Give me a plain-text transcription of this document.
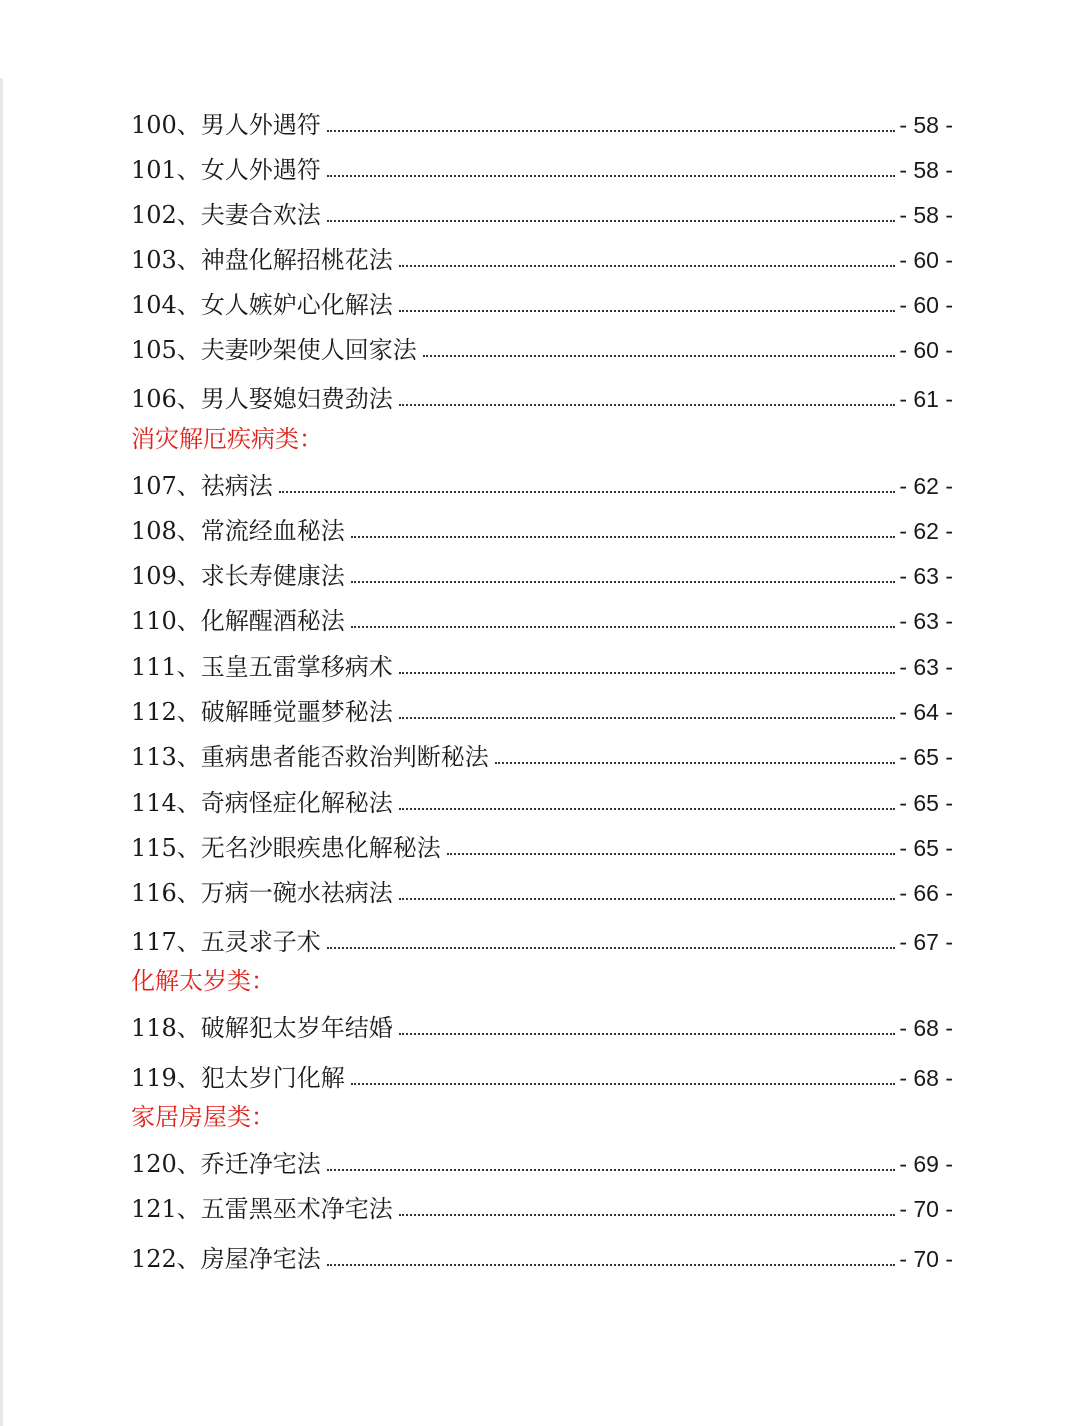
100、男人外遇符	- 58 -
101、女人外遇符	- 58 -
102、夫妻合欢法	- 58 -
103、神盘化解招桃花法	- 60 -
104、女人嫉妒心化解法	- 60 -
105、夫妻吵架使人回家法	- 60 -
106、男人娶媳妇费劲法	- 61 -
消灾解厄疾病类：
107、祛病法	- 62 -
108、常流经血秘法	- 62 -
109、求长寿健康法	- 63 -
110、化解醒酒秘法	- 63 -
111、玉皇五雷掌移病术	- 63 -
112、破解睡觉噩梦秘法	- 64 -
113、重病患者能否救治判断秘法	- 65 -
114、奇病怪症化解秘法	- 65 -
115、无名沙眼疾患化解秘法	- 65 -
116、万病一碗水祛病法	- 66 -
117、五灵求子术	- 67 -
化解太岁类：
118、破解犯太岁年结婚	- 68 -
119、犯太岁门化解	- 68 -
家居房屋类：
120、乔迁净宅法	- 69 -
121、五雷黑巫术净宅法	- 70 -
122、房屋净宅法	- 70 -
